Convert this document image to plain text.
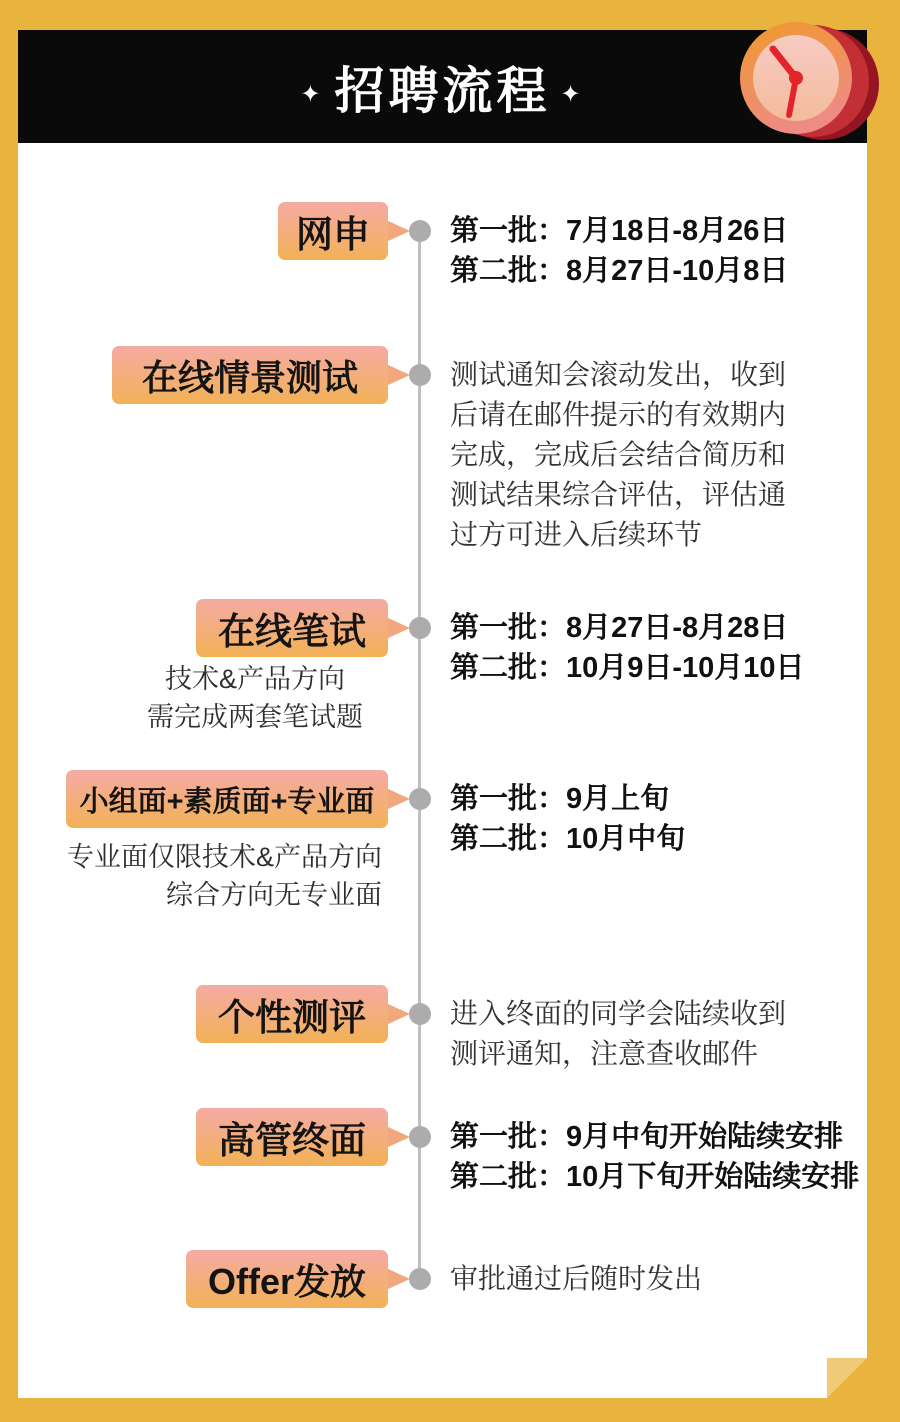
✦ 招聘流程 ✦
网申
在线情景测试
在线笔试
小组面+素质面+专业面
个性测评
高管终面
Offer发放
技术&产品方向
需完成两套笔试题
专业面仅限技术&产品方向
综合方向无专业面
第一批：7月18日-8月26日
第二批：8月27日-10月8日
测试通知会滚动发出，收到
后请在邮件提示的有效期内
完成，完成后会结合简历和
测试结果综合评估，评估通
过方可进入后续环节
第一批：8月27日-8月28日
第二批：10月9日-10月10日
第一批：9月上旬
第二批：10月中旬
进入终面的同学会陆续收到
测评通知，注意查收邮件
第一批：9月中旬开始陆续安排
第二批：10月下旬开始陆续安排
审批通过后随时发出
